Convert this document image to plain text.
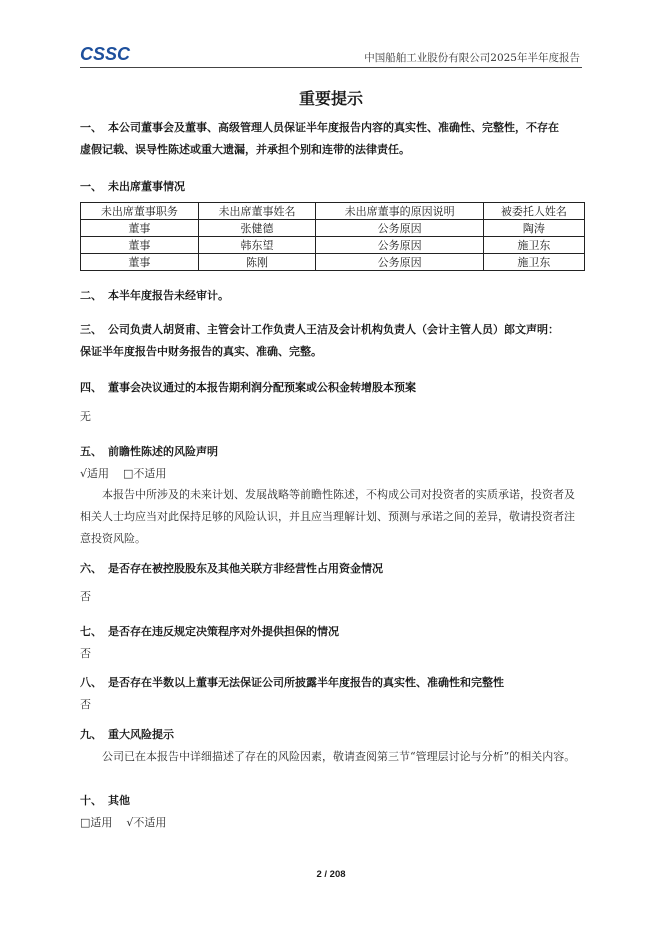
CSSC	中国船舶工业股份有限公司2025年半年度报告
重要提示
一、 本公司董事会及董事、高级管理人员保证半年度报告内容的真实性、准确性、完整性，不存在
虚假记载、误导性陈述或重大遗漏，并承担个别和连带的法律责任。
一、 未出席董事情况
未出席董事职务	未出席董事姓名	未出席董事的原因说明	被委托人姓名
董事	张健德	公务原因	陶涛
董事	韩东望	公务原因	施卫东
董事	陈刚	公务原因	施卫东
二、 本半年度报告未经审计。
三、 公司负责人胡贤甫、主管会计工作负责人王洁及会计机构负责人（会计主管人员）郎文声明：
保证半年度报告中财务报告的真实、准确、完整。
四、 董事会决议通过的本报告期利润分配预案或公积金转增股本预案
无
五、 前瞻性陈述的风险声明
√适用 □不适用
本报告中所涉及的未来计划、发展战略等前瞻性陈述，不构成公司对投资者的实质承诺，投资者及相关人士均应当对此保持足够的风险认识，并且应当理解计划、预测与承诺之间的差异，敬请投资者注意投资风险。
六、 是否存在被控股股东及其他关联方非经营性占用资金情况
否
七、 是否存在违反规定决策程序对外提供担保的情况
否
八、 是否存在半数以上董事无法保证公司所披露半年度报告的真实性、准确性和完整性
否
九、 重大风险提示
公司已在本报告中详细描述了存在的风险因素，敬请查阅第三节“管理层讨论与分析”的相关内容。
十、 其他
□适用 √不适用
2 / 208
